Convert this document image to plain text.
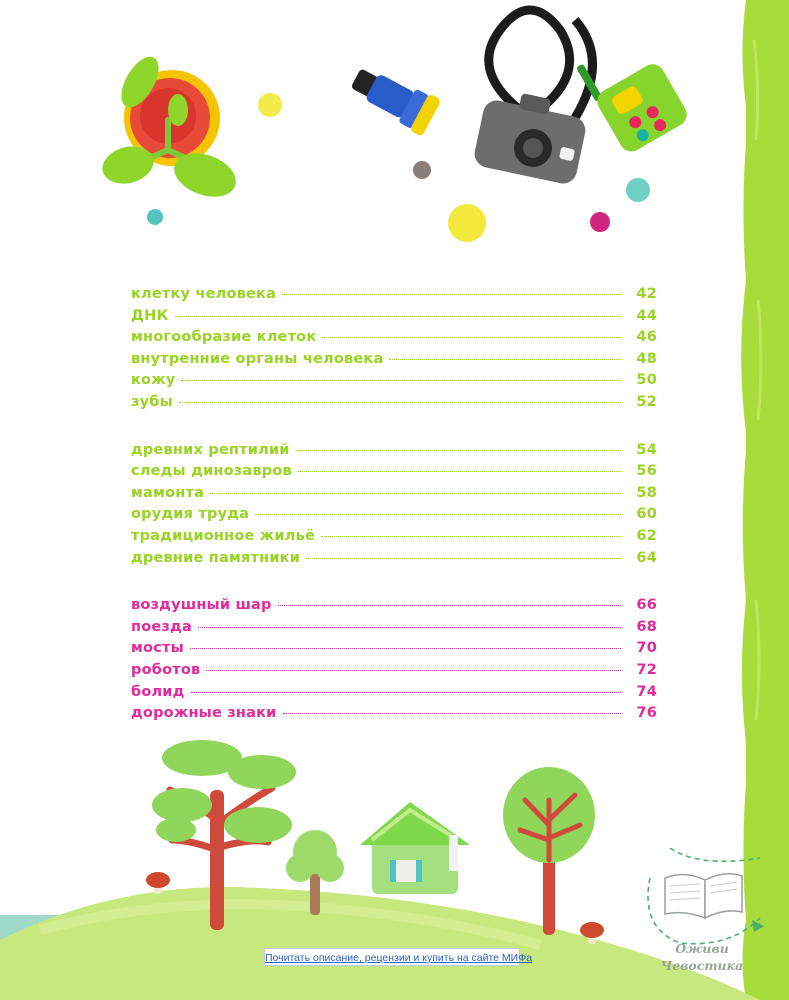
клетку человека	42
ДНК	44
многообразие клеток	46
внутренние органы человека	48
кожу	50
зубы	52
древних рептилий	54
следы динозавров	56
мамонта	58
орудия труда	60
традиционное жильё	62
древние памятники	64
воздушный шар	66
поезда	68
мосты	70
роботов	72
болид	74
дорожные знаки	76
Почитать описание, рецензии и купить на сайте МИФа
Оживи
Чевостика
